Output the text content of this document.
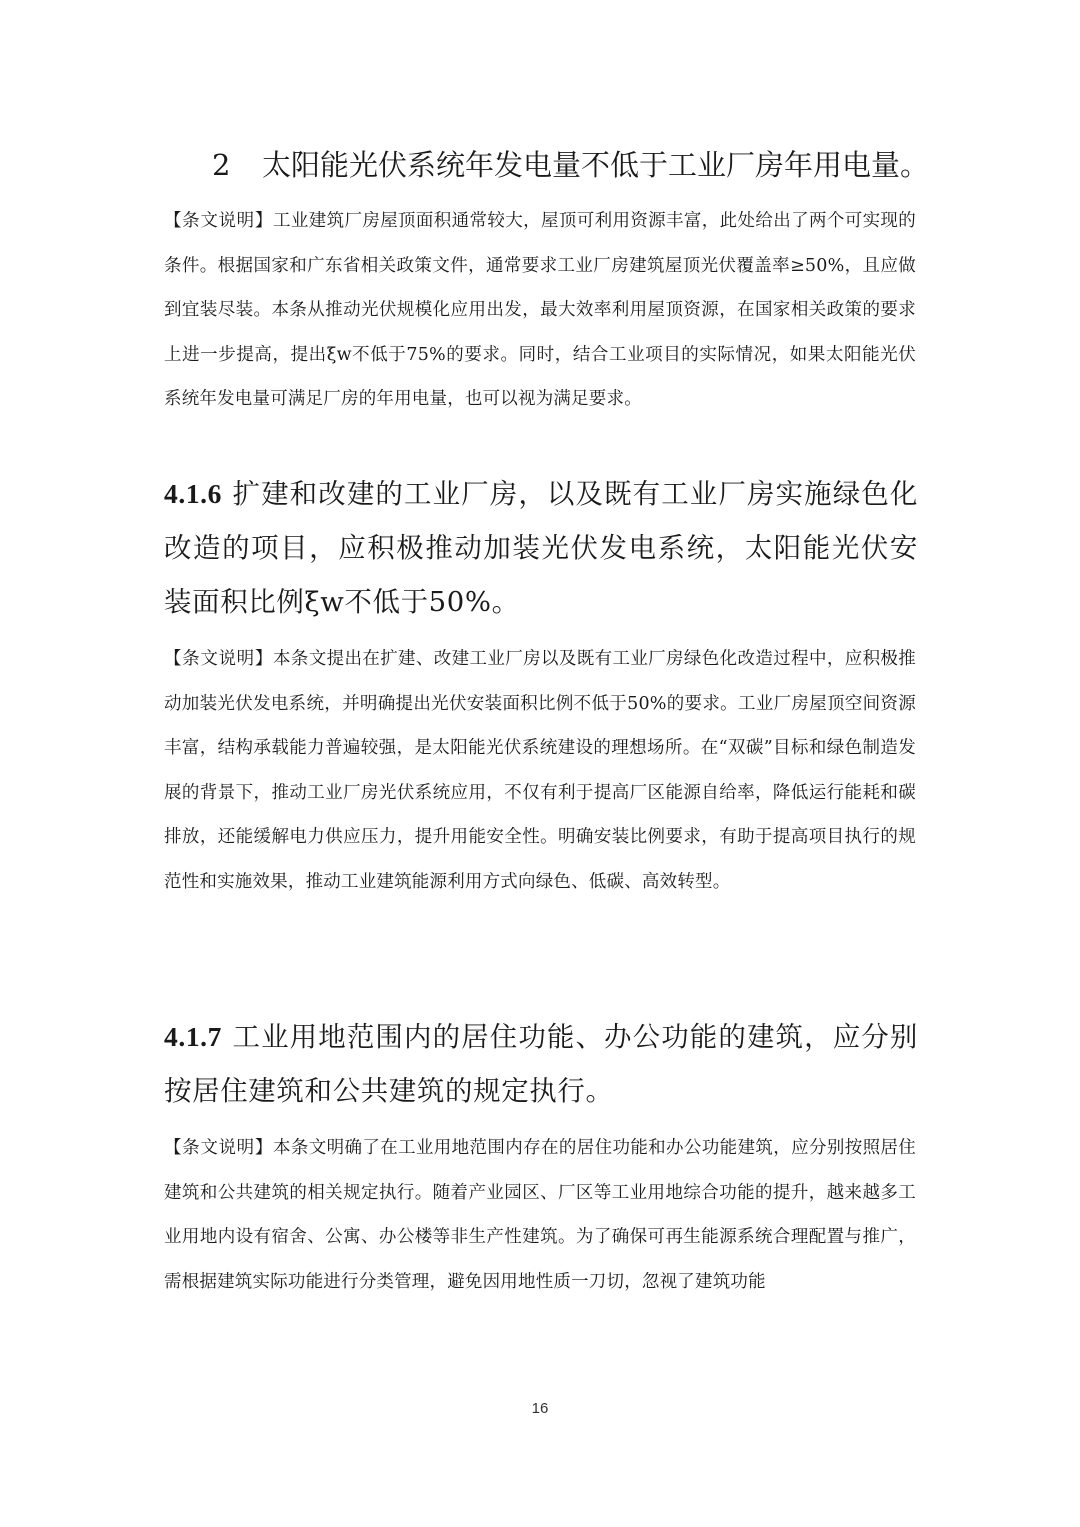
2 太阳能光伏系统年发电量不低于工业厂房年用电量。
【条文说明】工业建筑厂房屋顶面积通常较大，屋顶可利用资源丰富，此处给出了两个可实现的条件。根据国家和广东省相关政策文件，通常要求工业厂房建筑屋顶光伏覆盖率≥50%，且应做到宜装尽装。本条从推动光伏规模化应用出发，最大效率利用屋顶资源，在国家相关政策的要求上进一步提高，提出ξw不低于75%的要求。同时，结合工业项目的实际情况，如果太阳能光伏系统年发电量可满足厂房的年用电量，也可以视为满足要求。
4.1.6 扩建和改建的工业厂房，以及既有工业厂房实施绿色化改造的项目，应积极推动加装光伏发电系统，太阳能光伏安装面积比例ξw不低于50%。
【条文说明】本条文提出在扩建、改建工业厂房以及既有工业厂房绿色化改造过程中，应积极推动加装光伏发电系统，并明确提出光伏安装面积比例不低于50%的要求。工业厂房屋顶空间资源丰富，结构承载能力普遍较强，是太阳能光伏系统建设的理想场所。在“双碳”目标和绿色制造发展的背景下，推动工业厂房光伏系统应用，不仅有利于提高厂区能源自给率，降低运行能耗和碳排放，还能缓解电力供应压力，提升用能安全性。明确安装比例要求，有助于提高项目执行的规范性和实施效果，推动工业建筑能源利用方式向绿色、低碳、高效转型。
4.1.7 工业用地范围内的居住功能、办公功能的建筑，应分别按居住建筑和公共建筑的规定执行。
【条文说明】本条文明确了在工业用地范围内存在的居住功能和办公功能建筑，应分别按照居住建筑和公共建筑的相关规定执行。随着产业园区、厂区等工业用地综合功能的提升，越来越多工业用地内设有宿舍、公寓、办公楼等非生产性建筑。为了确保可再生能源系统合理配置与推广，需根据建筑实际功能进行分类管理，避免因用地性质一刀切，忽视了建筑功能
16
